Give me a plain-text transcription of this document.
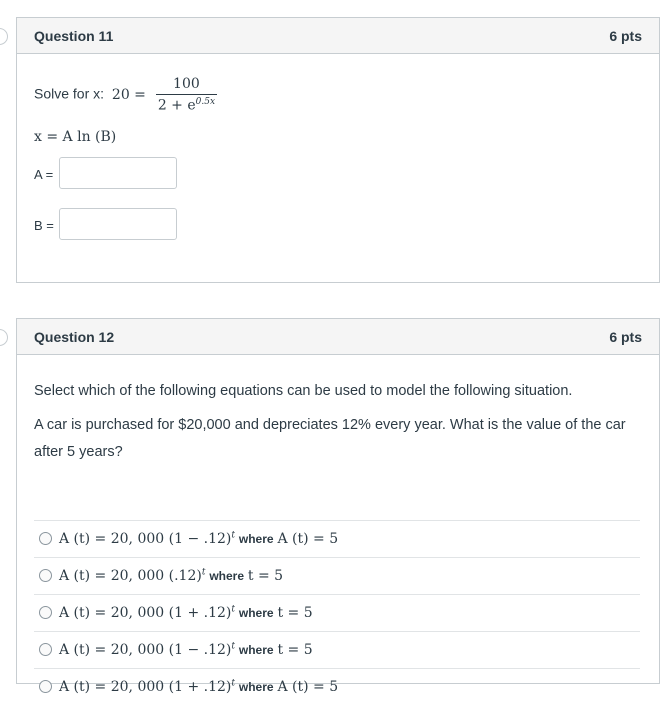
Question 11	6 pts
Solve for x: $20 = \frac{100}{2 + e^{0.5x}}$
x = A ln (B)
A =
B =
Question 12	6 pts
Select which of the following equations can be used to model the following situation.
A car is purchased for $20,000 and depreciates 12% every year. What is the value of the car after 5 years?
A (t) = 20, 000 $(1 - .12)^t$ where A (t) = 5
A (t) = 20, 000 $(.12)^t$ where t = 5
A (t) = 20, 000 $(1 + .12)^t$ where t = 5
A (t) = 20, 000 $(1 - .12)^t$ where t = 5
A (t) = 20, 000 $(1 + .12)^t$ where A (t) = 5
